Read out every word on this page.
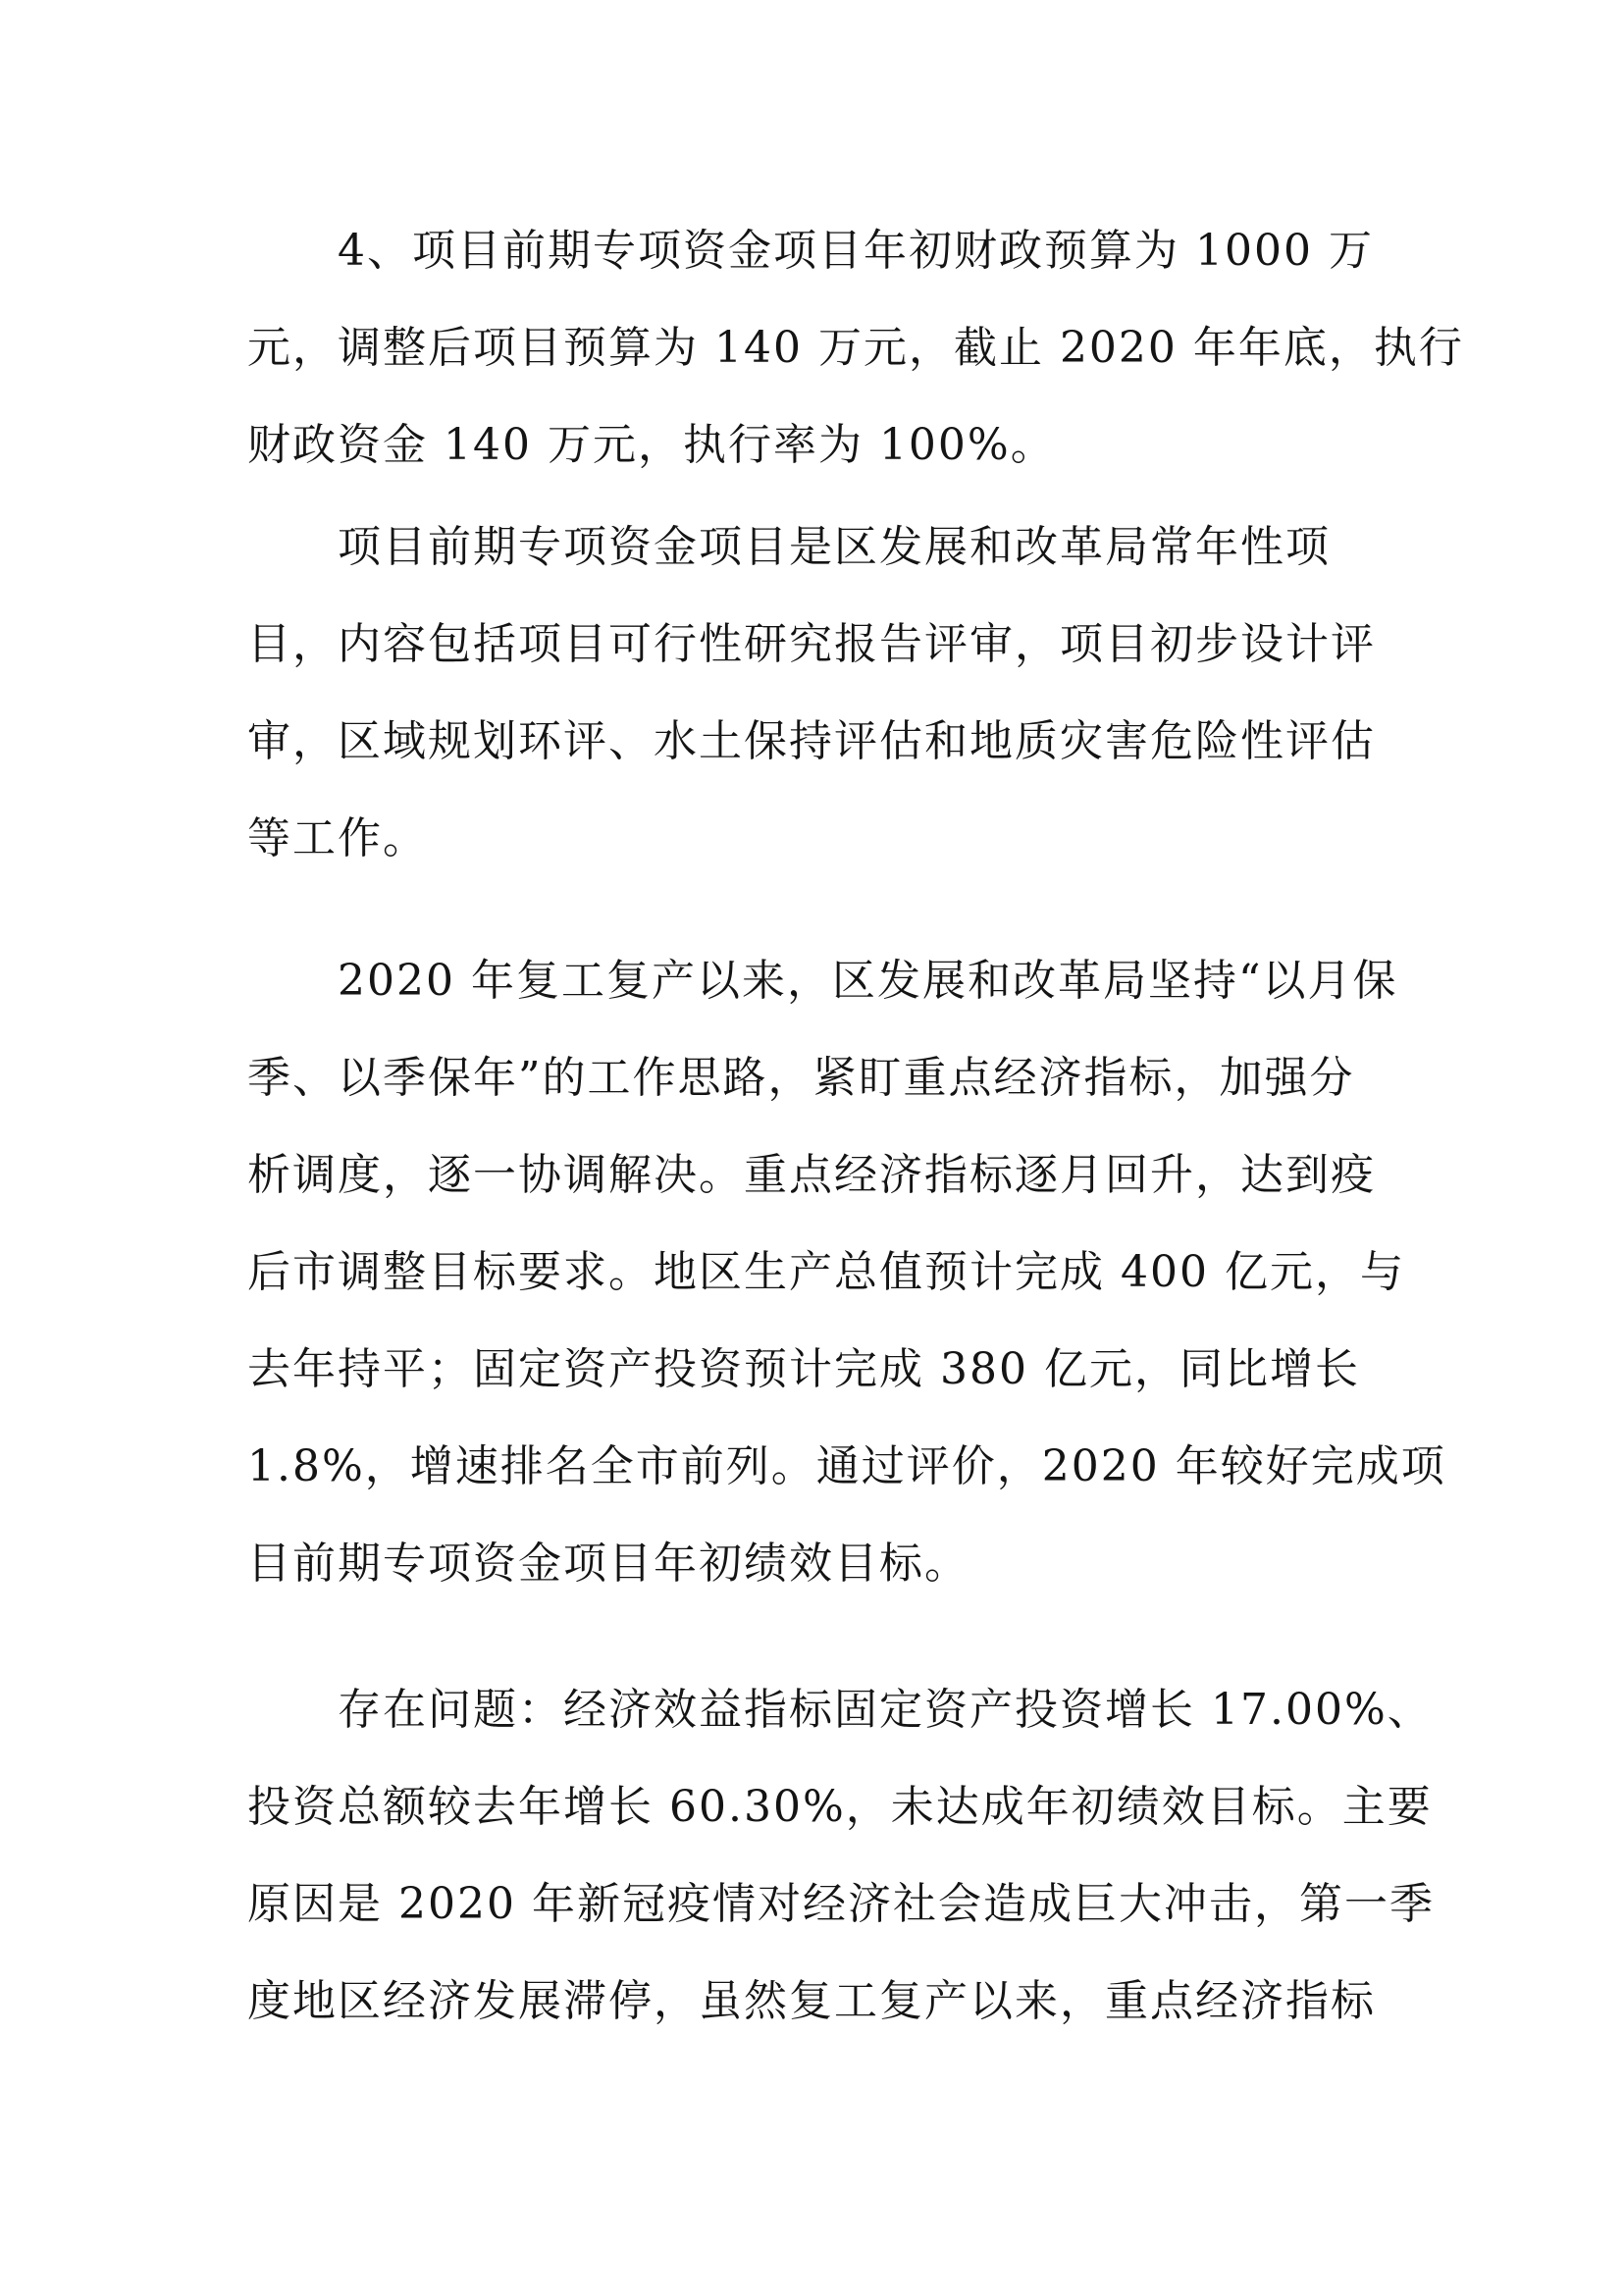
4、项目前期专项资金项目年初财政预算为 1000 万
元，调整后项目预算为 140 万元，截止 2020 年年底，执行
财政资金 140 万元，执行率为 100%。

项目前期专项资金项目是区发展和改革局常年性项
目，内容包括项目可行性研究报告评审，项目初步设计评
审，区域规划环评、水土保持评估和地质灾害危险性评估
等工作。

2020 年复工复产以来，区发展和改革局坚持“以月保
季、以季保年”的工作思路，紧盯重点经济指标，加强分
析调度，逐一协调解决。重点经济指标逐月回升，达到疫
后市调整目标要求。地区生产总值预计完成 400 亿元，与
去年持平；固定资产投资预计完成 380 亿元，同比增长
1.8%，增速排名全市前列。通过评价，2020 年较好完成项
目前期专项资金项目年初绩效目标。

存在问题：经济效益指标固定资产投资增长 17.00%、
投资总额较去年增长 60.30%，未达成年初绩效目标。主要
原因是 2020 年新冠疫情对经济社会造成巨大冲击，第一季
度地区经济发展滞停，虽然复工复产以来，重点经济指标
